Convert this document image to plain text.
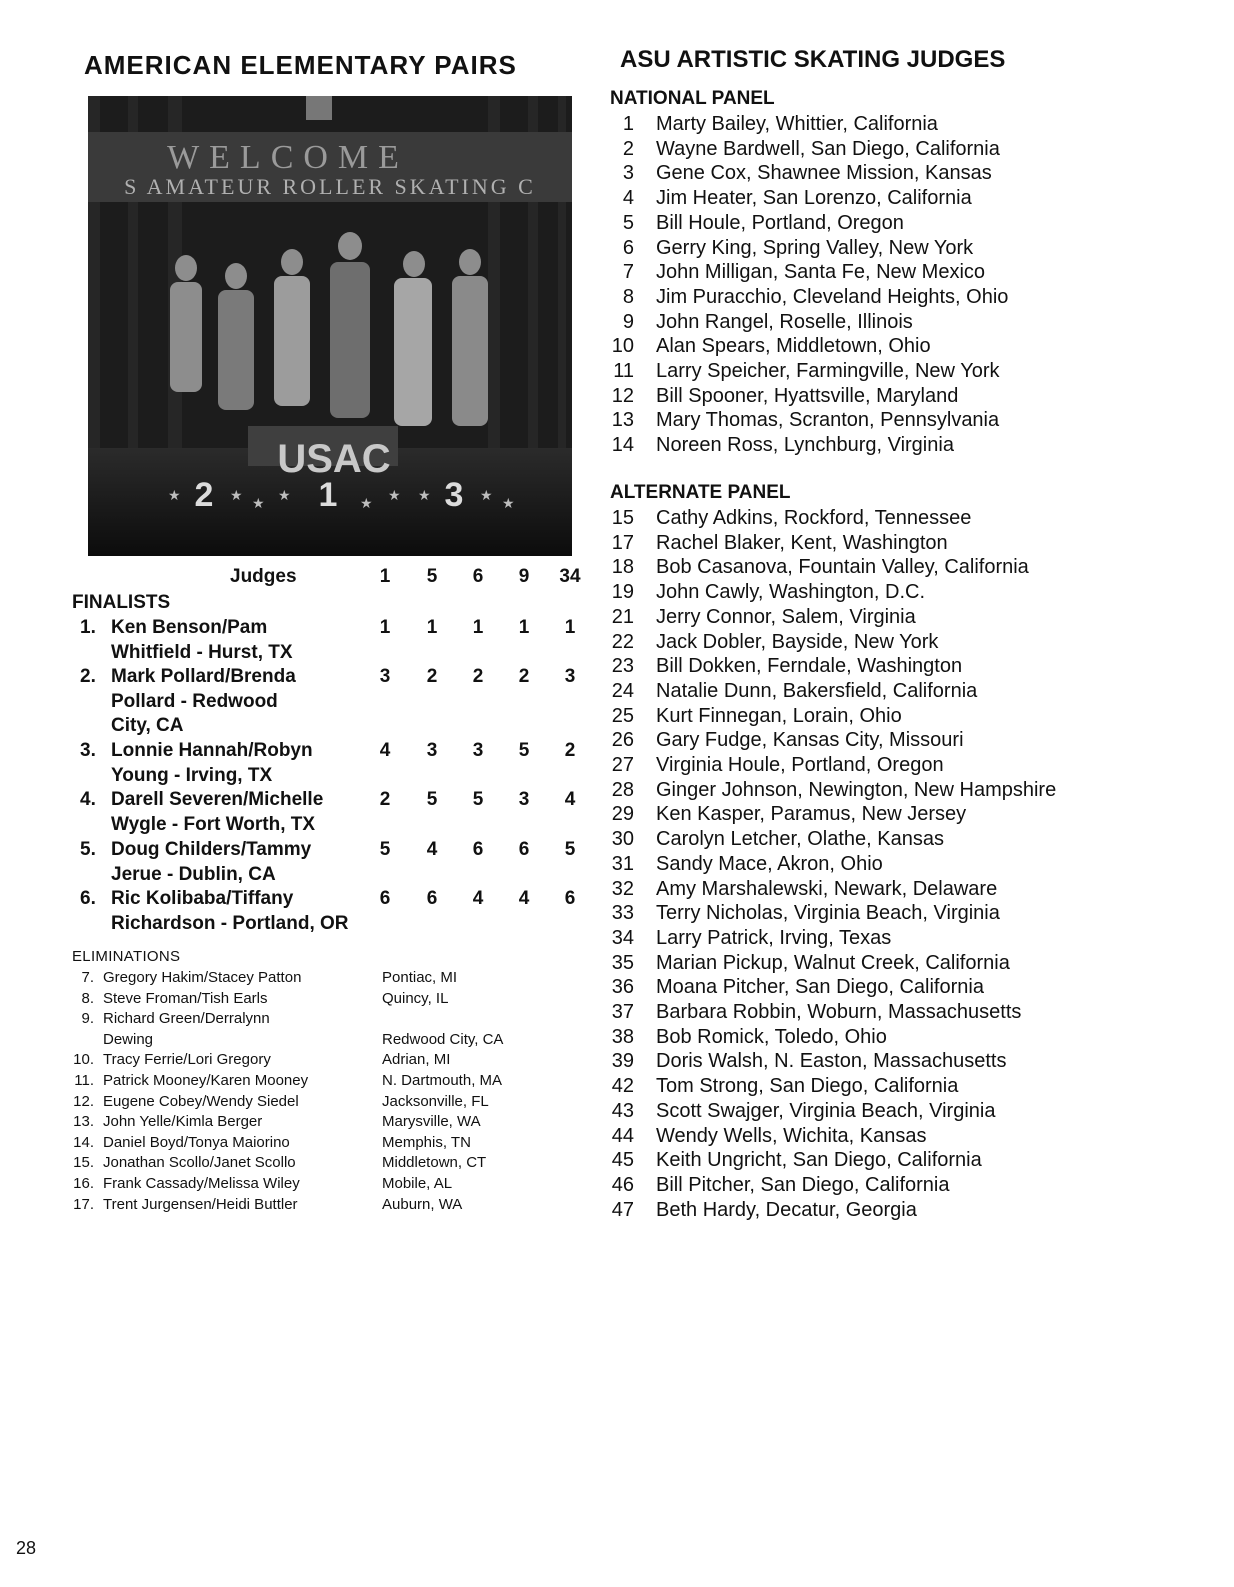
AMERICAN ELEMENTARY PAIRS
WELCOME
S AMATEUR ROLLER SKATING C
USAC
2	1	3
★	★ ★ ★	★ ★ ★	★ ★
Judges	1	5	6	9	34
FINALISTS
1. Ken Benson/Pam
Whitfield - Hurst, TX
1	1	1	1	1
2. Mark Pollard/Brenda
Pollard - Redwood
City, CA
3	2	2	2	3
3. Lonnie Hannah/Robyn
Young - Irving, TX
4	3	3	5	2
4. Darell Severen/Michelle
Wygle - Fort Worth, TX
2	5	5	3	4
5. Doug Childers/Tammy
Jerue - Dublin, CA
5	4	6	6	5
6. Ric Kolibaba/Tiffany
Richardson - Portland, OR
6	6	4	4	6
ELIMINATIONS
7. Gregory Hakim/Stacey Patton	Pontiac, MI
8. Steve Froman/Tish Earls	Quincy, IL
9. Richard Green/Derralynn
Dewing	Redwood City, CA
10. Tracy Ferrie/Lori Gregory	Adrian, MI
11. Patrick Mooney/Karen Mooney	N. Dartmouth, MA
12. Eugene Cobey/Wendy Siedel	Jacksonville, FL
13. John Yelle/Kimla Berger	Marysville, WA
14. Daniel Boyd/Tonya Maiorino	Memphis, TN
15. Jonathan Scollo/Janet Scollo	Middletown, CT
16. Frank Cassady/Melissa Wiley	Mobile, AL
17. Trent Jurgensen/Heidi Buttler	Auburn, WA
ASU ARTISTIC SKATING JUDGES
NATIONAL PANEL
1 Marty Bailey, Whittier, California
2 Wayne Bardwell, San Diego, California
3 Gene Cox, Shawnee Mission, Kansas
4 Jim Heater, San Lorenzo, California
5 Bill Houle, Portland, Oregon
6 Gerry King, Spring Valley, New York
7 John Milligan, Santa Fe, New Mexico
8 Jim Puracchio, Cleveland Heights, Ohio
9 John Rangel, Roselle, Illinois
10 Alan Spears, Middletown, Ohio
11 Larry Speicher, Farmingville, New York
12 Bill Spooner, Hyattsville, Maryland
13 Mary Thomas, Scranton, Pennsylvania
14 Noreen Ross, Lynchburg, Virginia
ALTERNATE PANEL
15 Cathy Adkins, Rockford, Tennessee
17 Rachel Blaker, Kent, Washington
18 Bob Casanova, Fountain Valley, California
19 John Cawly, Washington, D.C.
21 Jerry Connor, Salem, Virginia
22 Jack Dobler, Bayside, New York
23 Bill Dokken, Ferndale, Washington
24 Natalie Dunn, Bakersfield, California
25 Kurt Finnegan, Lorain, Ohio
26 Gary Fudge, Kansas City, Missouri
27 Virginia Houle, Portland, Oregon
28 Ginger Johnson, Newington, New Hampshire
29 Ken Kasper, Paramus, New Jersey
30 Carolyn Letcher, Olathe, Kansas
31 Sandy Mace, Akron, Ohio
32 Amy Marshalewski, Newark, Delaware
33 Terry Nicholas, Virginia Beach, Virginia
34 Larry Patrick, Irving, Texas
35 Marian Pickup, Walnut Creek, California
36 Moana Pitcher, San Diego, California
37 Barbara Robbin, Woburn, Massachusetts
38 Bob Romick, Toledo, Ohio
39 Doris Walsh, N. Easton, Massachusetts
42 Tom Strong, San Diego, California
43 Scott Swajger, Virginia Beach, Virginia
44 Wendy Wells, Wichita, Kansas
45 Keith Ungricht, San Diego, California
46 Bill Pitcher, San Diego, California
47 Beth Hardy, Decatur, Georgia
28
